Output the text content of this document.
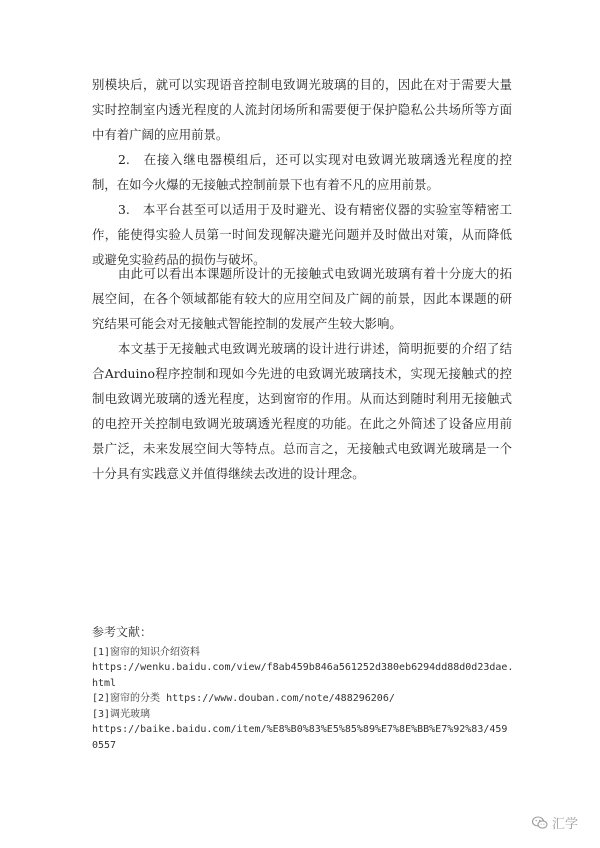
别模块后，就可以实现语音控制电致调光玻璃的目的，因此在对于需要大量实时控制室内透光程度的人流封闭场所和需要便于保护隐私公共场所等方面中有着广阔的应用前景。

2.　在接入继电器模组后，还可以实现对电致调光玻璃透光程度的控制，在如今火爆的无接触式控制前景下也有着不凡的应用前景。

3.　本平台甚至可以适用于及时避光、设有精密仪器的实验室等精密工作，能使得实验人员第一时间发现解决避光问题并及时做出对策，从而降低或避免实验药品的损伤与破坏。

由此可以看出本课题所设计的无接触式电致调光玻璃有着十分庞大的拓展空间，在各个领域都能有较大的应用空间及广阔的前景，因此本课题的研究结果可能会对无接触式智能控制的发展产生较大影响。

本文基于无接触式电致调光玻璃的设计进行讲述，简明扼要的介绍了结合Arduino程序控制和现如今先进的电致调光玻璃技术，实现无接触式的控制电致调光玻璃的透光程度，达到窗帘的作用。从而达到随时利用无接触式的电控开关控制电致调光玻璃透光程度的功能。在此之外简述了设备应用前景广泛，未来发展空间大等特点。总而言之，无接触式电致调光玻璃是一个十分具有实践意义并值得继续去改进的设计理念。

参考文献：
[1]窗帘的知识介绍资料
https://wenku.baidu.com/view/f8ab459b846a561252d380eb6294dd88d0d23dae.
html
[2]窗帘的分类 https://www.douban.com/note/488296206/
[3]调光玻璃
https://baike.baidu.com/item/%E8%B0%83%E5%85%89%E7%8E%BB%E7%92%83/459
0557
汇学
